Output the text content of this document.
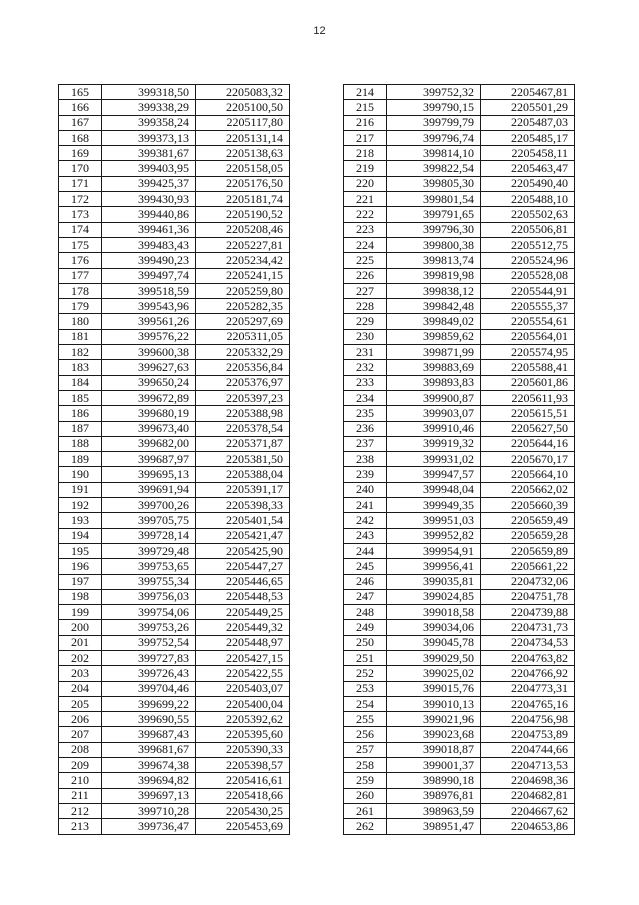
12
165	399318,50	2205083,32
166	399338,29	2205100,50
167	399358,24	2205117,80
168	399373,13	2205131,14
169	399381,67	2205138,63
170	399403,95	2205158,05
171	399425,37	2205176,50
172	399430,93	2205181,74
173	399440,86	2205190,52
174	399461,36	2205208,46
175	399483,43	2205227,81
176	399490,23	2205234,42
177	399497,74	2205241,15
178	399518,59	2205259,80
179	399543,96	2205282,35
180	399561,26	2205297,69
181	399576,22	2205311,05
182	399600,38	2205332,29
183	399627,63	2205356,84
184	399650,24	2205376,97
185	399672,89	2205397,23
186	399680,19	2205388,98
187	399673,40	2205378,54
188	399682,00	2205371,87
189	399687,97	2205381,50
190	399695,13	2205388,04
191	399691,94	2205391,17
192	399700,26	2205398,33
193	399705,75	2205401,54
194	399728,14	2205421,47
195	399729,48	2205425,90
196	399753,65	2205447,27
197	399755,34	2205446,65
198	399756,03	2205448,53
199	399754,06	2205449,25
200	399753,26	2205449,32
201	399752,54	2205448,97
202	399727,83	2205427,15
203	399726,43	2205422,55
204	399704,46	2205403,07
205	399699,22	2205400,04
206	399690,55	2205392,62
207	399687,43	2205395,60
208	399681,67	2205390,33
209	399674,38	2205398,57
210	399694,82	2205416,61
211	399697,13	2205418,66
212	399710,28	2205430,25
213	399736,47	2205453,69
214	399752,32	2205467,81
215	399790,15	2205501,29
216	399799,79	2205487,03
217	399796,74	2205485,17
218	399814,10	2205458,11
219	399822,54	2205463,47
220	399805,30	2205490,40
221	399801,54	2205488,10
222	399791,65	2205502,63
223	399796,30	2205506,81
224	399800,38	2205512,75
225	399813,74	2205524,96
226	399819,98	2205528,08
227	399838,12	2205544,91
228	399842,48	2205555,37
229	399849,02	2205554,61
230	399859,62	2205564,01
231	399871,99	2205574,95
232	399883,69	2205588,41
233	399893,83	2205601,86
234	399900,87	2205611,93
235	399903,07	2205615,51
236	399910,46	2205627,50
237	399919,32	2205644,16
238	399931,02	2205670,17
239	399947,57	2205664,10
240	399948,04	2205662,02
241	399949,35	2205660,39
242	399951,03	2205659,49
243	399952,82	2205659,28
244	399954,91	2205659,89
245	399956,41	2205661,22
246	399035,81	2204732,06
247	399024,85	2204751,78
248	399018,58	2204739,88
249	399034,06	2204731,73
250	399045,78	2204734,53
251	399029,50	2204763,82
252	399025,02	2204766,92
253	399015,76	2204773,31
254	399010,13	2204765,16
255	399021,96	2204756,98
256	399023,68	2204753,89
257	399018,87	2204744,66
258	399001,37	2204713,53
259	398990,18	2204698,36
260	398976,81	2204682,81
261	398963,59	2204667,62
262	398951,47	2204653,86
